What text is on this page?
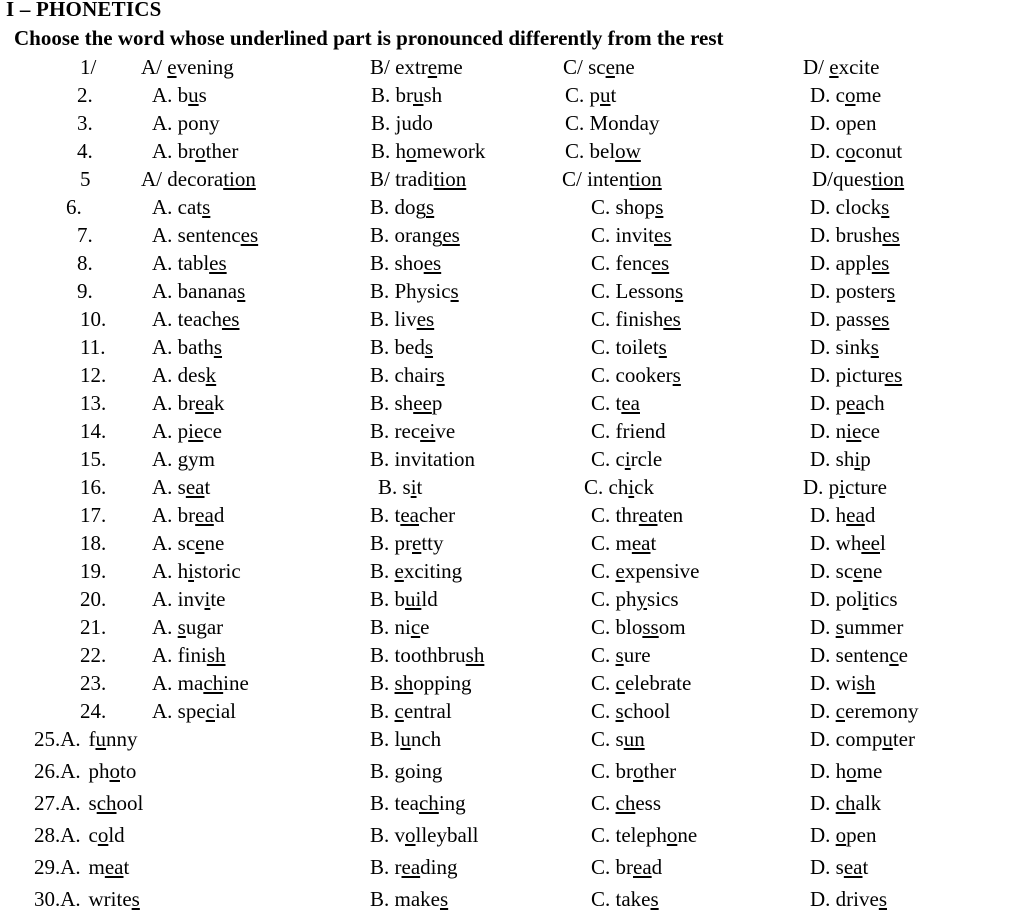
I – PHONETICS
Choose the word whose underlined part is pronounced differently from the rest
1/ A/ evening	B/ extreme	C/ scene	D/ excite
2.	A. bus	B. brush	C. put	D. come
3.	A. pony	B. judo	C. Monday	D. open
4.	A. brother	B. homework	C. below	D. coconut
5 A/ decoration	B/ tradition	C/ intention	D/question
6.	A. cats	B. dogs	C. shops	D. clocks
7.	A. sentences	B. oranges	C. invites	D. brushes
8.	A. tables	B. shoes	C. fences	D. apples
9.	A. bananas	B. Physics	C. Lessons	D. posters
10. A. teaches	B. lives	C. finishes	D. passes
11. A. baths	B. beds	C. toilets	D. sinks
12. A. desk	B. chairs	C. cookers	D. pictures
13. A. break	B. sheep	C. tea	D. peach
14. A. piece	B. receive	C. friend	D. niece
15. A. gym	B. invitation	C. circle	D. ship
16. A. seat	B. sit	C. chick	D. picture
17. A. bread	B. teacher	C. threaten	D. head
18. A. scene	B. pretty	C. meat	D. wheel
19. A. historic	B. exciting	C. expensive	D. scene
20. A. invite	B. build	C. physics	D. politics
21. A. sugar	B. nice	C. blossom	D. summer
22. A. finish	B. toothbrush	C. sure	D. sentence
23. A. machine	B. shopping	C. celebrate	D. wish
24. A. special	B. central	C. school	D. ceremony
25.A. funny	B. lunch	C. sun	D. computer
26.A. photo	B. going	C. brother	D. home
27.A. school	B. teaching	C. chess	D. chalk
28.A. cold	B. volleyball	C. telephone	D. open
29.A. meat	B. reading	C. bread	D. seat
30.A. writes	B. makes	C. takes	D. drives
